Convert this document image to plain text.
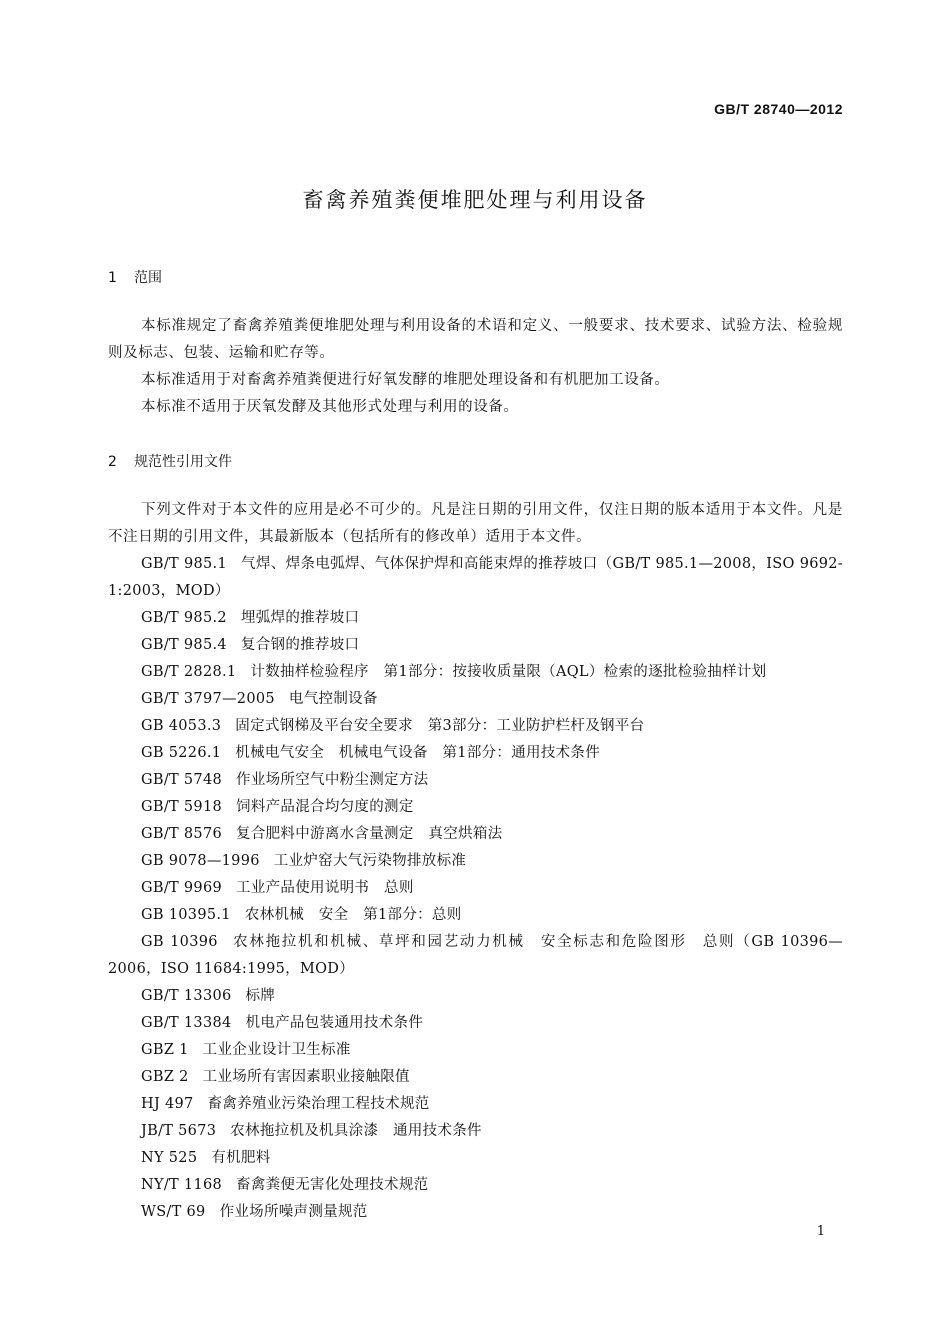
GB/T 28740—2012
畜禽养殖粪便堆肥处理与利用设备
1 范围
本标准规定了畜禽养殖粪便堆肥处理与利用设备的术语和定义、一般要求、技术要求、试验方法、检验规则及标志、包装、运输和贮存等。
本标准适用于对畜禽养殖粪便进行好氧发酵的堆肥处理设备和有机肥加工设备。
本标准不适用于厌氧发酵及其他形式处理与利用的设备。
2 规范性引用文件
下列文件对于本文件的应用是必不可少的。凡是注日期的引用文件，仅注日期的版本适用于本文件。凡是不注日期的引用文件，其最新版本（包括所有的修改单）适用于本文件。
GB/T 985.1 气焊、焊条电弧焊、气体保护焊和高能束焊的推荐坡口（GB/T 985.1—2008，ISO 9692-1:2003，MOD）
GB/T 985.2 埋弧焊的推荐坡口
GB/T 985.4 复合钢的推荐坡口
GB/T 2828.1 计数抽样检验程序　第1部分：按接收质量限（AQL）检索的逐批检验抽样计划
GB/T 3797—2005 电气控制设备
GB 4053.3 固定式钢梯及平台安全要求　第3部分：工业防护栏杆及钢平台
GB 5226.1 机械电气安全　机械电气设备　第1部分：通用技术条件
GB/T 5748 作业场所空气中粉尘测定方法
GB/T 5918 饲料产品混合均匀度的测定
GB/T 8576 复合肥料中游离水含量测定　真空烘箱法
GB 9078—1996 工业炉窑大气污染物排放标准
GB/T 9969 工业产品使用说明书　总则
GB 10395.1 农林机械　安全　第1部分：总则
GB 10396 农林拖拉机和机械、草坪和园艺动力机械　安全标志和危险图形　总则（GB 10396—2006，ISO 11684:1995，MOD）
GB/T 13306 标牌
GB/T 13384 机电产品包装通用技术条件
GBZ 1 工业企业设计卫生标准
GBZ 2 工业场所有害因素职业接触限值
HJ 497 畜禽养殖业污染治理工程技术规范
JB/T 5673 农林拖拉机及机具涂漆　通用技术条件
NY 525 有机肥料
NY/T 1168 畜禽粪便无害化处理技术规范
WS/T 69 作业场所噪声测量规范
1
